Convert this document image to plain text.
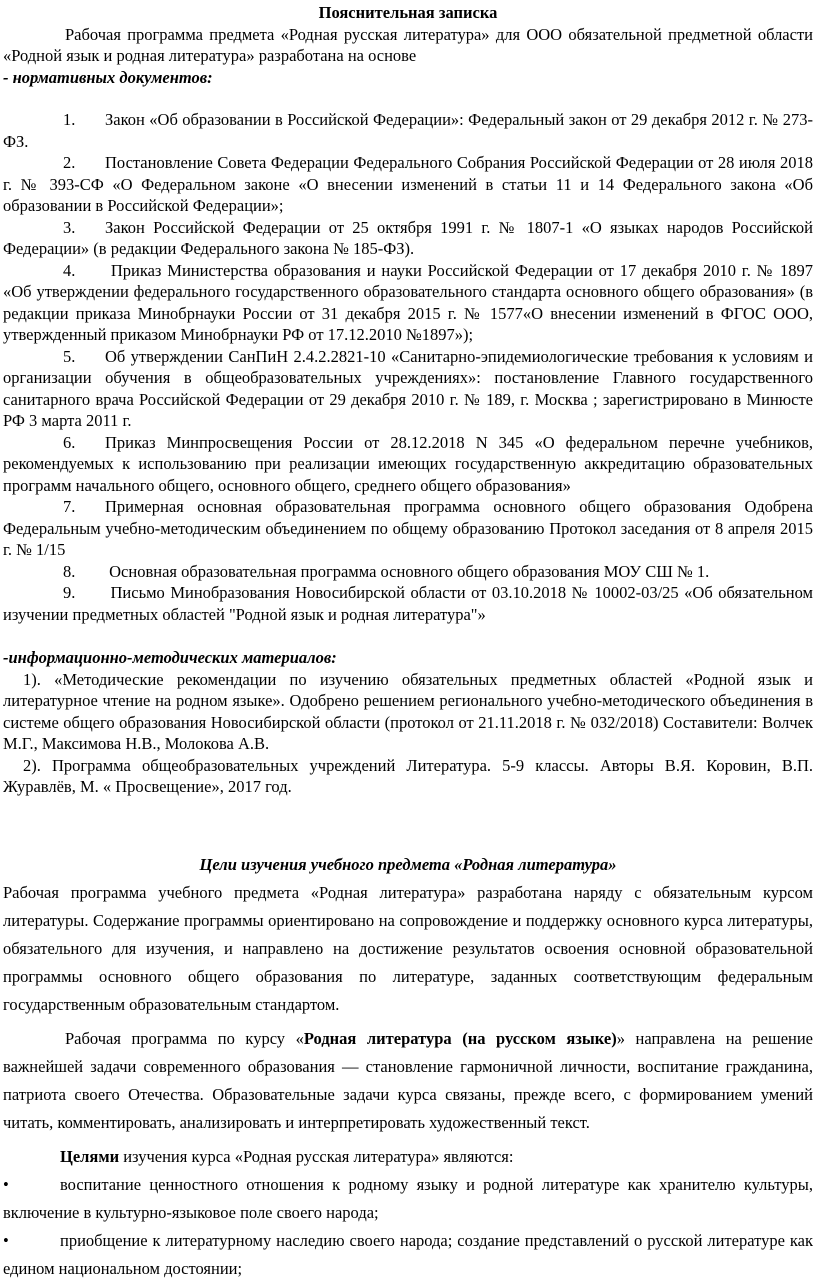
Пояснительная записка

Рабочая программа предмета «Родная русская литература» для ООО обязательной предметной области «Родной язык и родная литература» разработана на основе

- нормативных документов:

1. Закон «Об образовании в Российской Федерации»: Федеральный закон от 29 декабря 2012 г. № 273-ФЗ.

2. Постановление Совета Федерации Федерального Собрания Российской Федерации от 28 июля 2018 г. № 393-СФ «О Федеральном законе «О внесении изменений в статьи 11 и 14 Федерального закона «Об образовании в Российской Федерации»;

3. Закон Российской Федерации от 25 октября 1991 г. № 1807-1 «О языках народов Российской Федерации» (в редакции Федерального закона № 185-ФЗ).

4. Приказ Министерства образования и науки Российской Федерации от 17 декабря 2010 г. № 1897 «Об утверждении федерального государственного образовательного стандарта основного общего образования» (в редакции приказа Минобрнауки России от 31 декабря 2015 г. № 1577«О внесении изменений в ФГОС ООО, утвержденный приказом Минобрнауки РФ от 17.12.2010 №1897»);

5. Об утверждении СанПиН 2.4.2.2821-10 «Санитарно-эпидемиологические требования к условиям и организации обучения в общеобразовательных учреждениях»: постановление Главного государственного санитарного врача Российской Федерации от 29 декабря 2010 г. № 189, г. Москва ; зарегистрировано в Минюсте РФ 3 марта 2011 г.

6. Приказ Минпросвещения России от 28.12.2018 N 345 «О федеральном перечне учебников, рекомендуемых к использованию при реализации имеющих государственную аккредитацию образовательных программ начального общего, основного общего, среднего общего образования»

7. Примерная основная образовательная программа основного общего образования Одобрена Федеральным учебно-методическим объединением по общему образованию Протокол заседания от 8 апреля 2015 г. № 1/15

8. Основная образовательная программа основного общего образования МОУ СШ № 1.

9. Письмо Минобразования Новосибирской области от 03.10.2018 № 10002-03/25 «Об обязательном изучении предметных областей "Родной язык и родная литература"»

-информационно-методических материалов:

1). «Методические рекомендации по изучению обязательных предметных областей «Родной язык и литературное чтение на родном языке». Одобрено решением регионального учебно-методического объединения в системе общего образования Новосибирской области (протокол от 21.11.2018 г. № 032/2018) Составители: Волчек М.Г., Максимова Н.В., Молокова А.В.

2). Программа общеобразовательных учреждений Литература. 5-9 классы. Авторы В.Я. Коровин, В.П. Журавлёв, М. « Просвещение», 2017 год.

Цели изучения учебного предмета «Родная литература»

Рабочая программа учебного предмета «Родная литература» разработана наряду с обязательным курсом литературы. Содержание программы ориентировано на сопровождение и поддержку основного курса литературы, обязательного для изучения, и направлено на достижение результатов освоения основной образовательной программы основного общего образования по литературе, заданных соответствующим федеральным государственным образовательным стандартом.

Рабочая программа по курсу «Родная литература (на русском языке)» направлена на решение важнейшей задачи современного образования — становление гармоничной личности, воспитание гражданина, патриота своего Отечества. Образовательные задачи курса связаны, прежде всего, с формированием умений читать, комментировать, анализировать и интерпретировать художественный текст.

Целями изучения курса «Родная русская литература» являются:

•	воспитание ценностного отношения к родному языку и родной литературе как хранителю культуры, включение в культурно-языковое поле своего народа;

•	приобщение к литературному наследию своего народа; создание представлений о русской литературе как едином национальном достоянии;
